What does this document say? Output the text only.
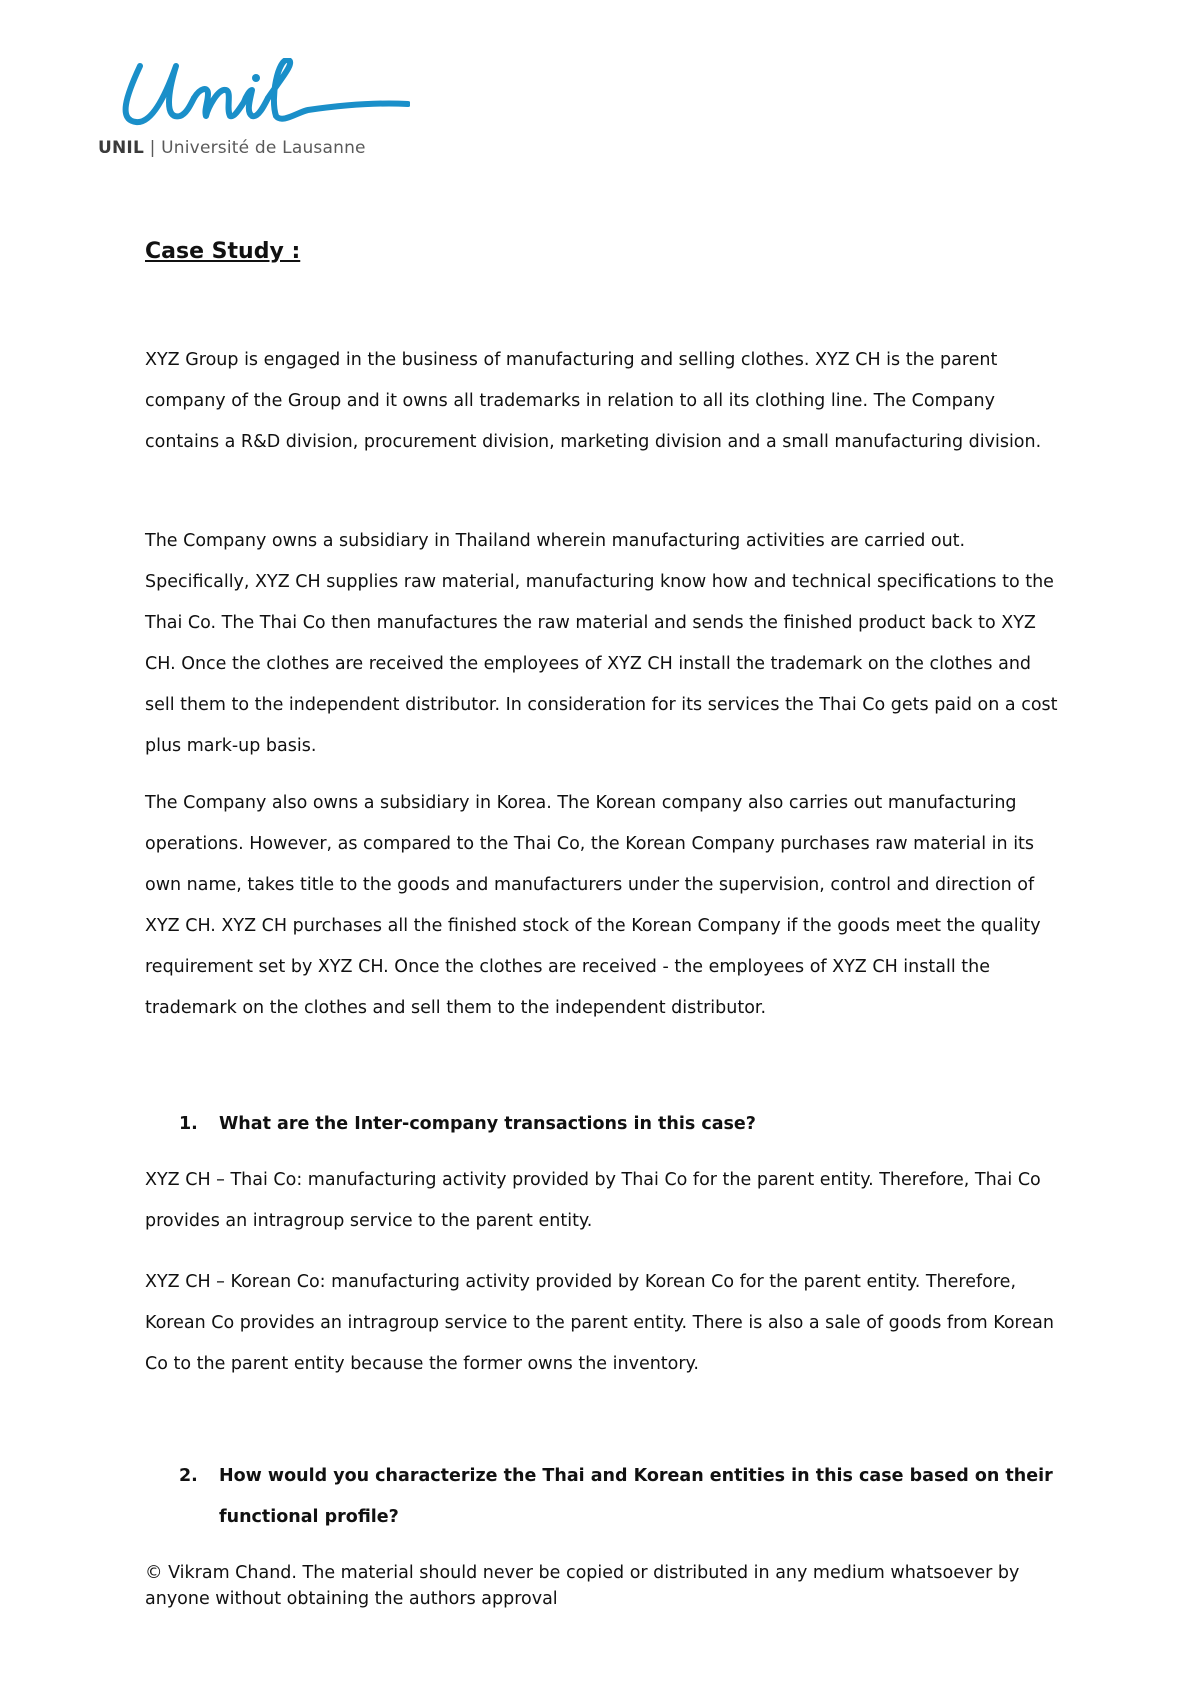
UNIL | Université de Lausanne
Case Study :

XYZ Group is engaged in the business of manufacturing and selling clothes. XYZ CH is the parent company of the Group and it owns all trademarks in relation to all its clothing line. The Company contains a R&D division, procurement division, marketing division and a small manufacturing division.

The Company owns a subsidiary in Thailand wherein manufacturing activities are carried out. Specifically, XYZ CH supplies raw material, manufacturing know how and technical specifications to the Thai Co. The Thai Co then manufactures the raw material and sends the finished product back to XYZ CH. Once the clothes are received the employees of XYZ CH install the trademark on the clothes and sell them to the independent distributor. In consideration for its services the Thai Co gets paid on a cost plus mark-up basis.

The Company also owns a subsidiary in Korea. The Korean company also carries out manufacturing operations. However, as compared to the Thai Co, the Korean Company purchases raw material in its own name, takes title to the goods and manufacturers under the supervision, control and direction of XYZ CH. XYZ CH purchases all the finished stock of the Korean Company if the goods meet the quality requirement set by XYZ CH. Once the clothes are received - the employees of XYZ CH install the trademark on the clothes and sell them to the independent distributor.

1. What are the Inter-company transactions in this case?

XYZ CH – Thai Co: manufacturing activity provided by Thai Co for the parent entity. Therefore, Thai Co provides an intragroup service to the parent entity.

XYZ CH – Korean Co: manufacturing activity provided by Korean Co for the parent entity. Therefore, Korean Co provides an intragroup service to the parent entity. There is also a sale of goods from Korean Co to the parent entity because the former owns the inventory.

2. How would you characterize the Thai and Korean entities in this case based on their functional profile?

© Vikram Chand. The material should never be copied or distributed in any medium whatsoever by anyone without obtaining the authors approval
